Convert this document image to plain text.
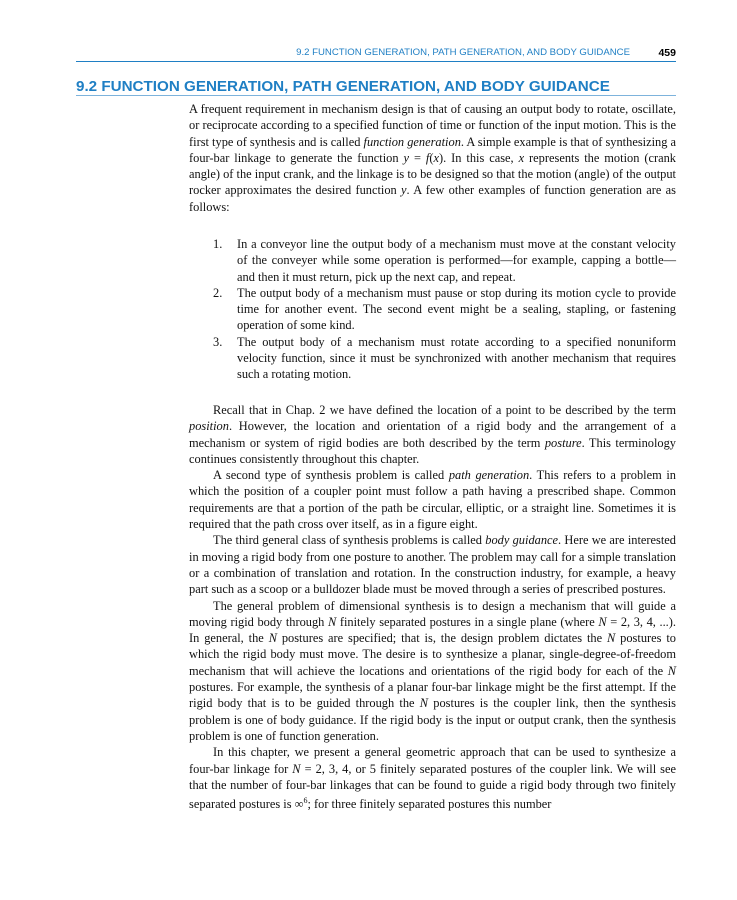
9.2 FUNCTION GENERATION, PATH GENERATION, AND BODY GUIDANCE	459
9.2 FUNCTION GENERATION, PATH GENERATION, AND BODY GUIDANCE

A frequent requirement in mechanism design is that of causing an output body to rotate, oscillate, or reciprocate according to a specified function of time or function of the input motion. This is the first type of synthesis and is called function generation. A simple example is that of synthesizing a four-bar linkage to generate the function y = f(x). In this case, x represents the motion (crank angle) of the input crank, and the linkage is to be designed so that the motion (angle) of the output rocker approximates the desired function y. A few other examples of function generation are as follows:

1. In a conveyor line the output body of a mechanism must move at the constant velocity of the conveyer while some operation is performed—for example, capping a bottle—and then it must return, pick up the next cap, and repeat.

2. The output body of a mechanism must pause or stop during its motion cycle to provide time for another event. The second event might be a sealing, stapling, or fastening operation of some kind.

3. The output body of a mechanism must rotate according to a specified nonuniform velocity function, since it must be synchronized with another mechanism that requires such a rotating motion.

Recall that in Chap. 2 we have defined the location of a point to be described by the term position. However, the location and orientation of a rigid body and the arrangement of a mechanism or system of rigid bodies are both described by the term posture. This terminology continues consistently throughout this chapter.

A second type of synthesis problem is called path generation. This refers to a problem in which the position of a coupler point must follow a path having a prescribed shape. Common requirements are that a portion of the path be circular, elliptic, or a straight line. Sometimes it is required that the path cross over itself, as in a figure eight.

The third general class of synthesis problems is called body guidance. Here we are interested in moving a rigid body from one posture to another. The problem may call for a simple translation or a combination of translation and rotation. In the construction industry, for example, a heavy part such as a scoop or a bulldozer blade must be moved through a series of prescribed postures.

The general problem of dimensional synthesis is to design a mechanism that will guide a moving rigid body through N finitely separated postures in a single plane (where N = 2, 3, 4, ...). In general, the N postures are specified; that is, the design problem dictates the N postures to which the rigid body must move. The desire is to synthesize a planar, single-degree-of-freedom mechanism that will achieve the locations and orientations of the rigid body for each of the N postures. For example, the synthesis of a planar four-bar linkage might be the first attempt. If the rigid body that is to be guided through the N postures is the coupler link, then the synthesis problem is one of body guidance. If the rigid body is the input or output crank, then the synthesis problem is one of function generation.

In this chapter, we present a general geometric approach that can be used to synthesize a four-bar linkage for N = 2, 3, 4, or 5 finitely separated postures of the coupler link. We will see that the number of four-bar linkages that can be found to guide a rigid body through two finitely separated postures is ∞$^6$; for three finitely separated postures this number
